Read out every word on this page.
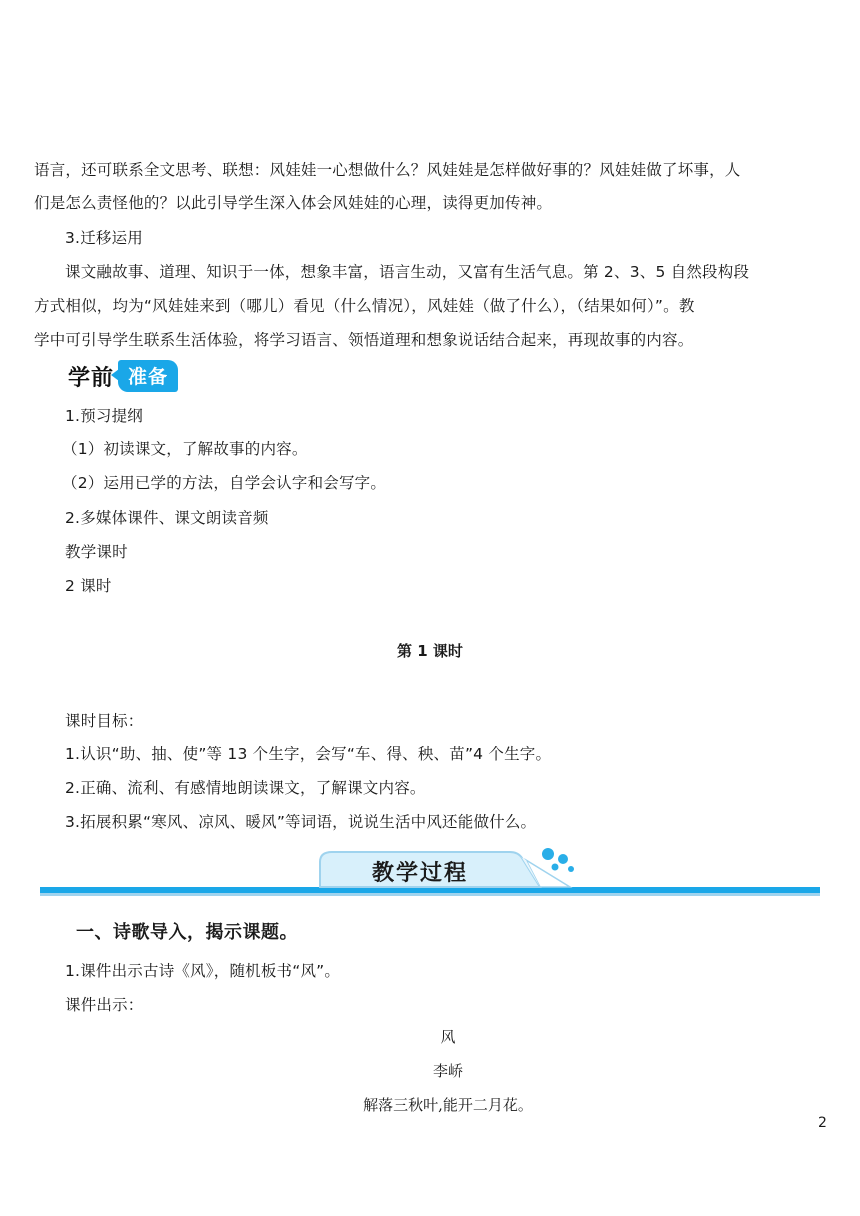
语言，还可联系全文思考、联想：风娃娃一心想做什么？风娃娃是怎样做好事的？风娃娃做了坏事，人
们是怎么责怪他的？以此引导学生深入体会风娃娃的心理，读得更加传神。
3.迁移运用
课文融故事、道理、知识于一体，想象丰富，语言生动，又富有生活气息。第 2、3、5 自然段构段
方式相似，均为“风娃娃来到（哪儿）看见（什么情况），风娃娃（做了什么），（结果如何）”。教
学中可引导学生联系生活体验，将学习语言、领悟道理和想象说话结合起来，再现故事的内容。
学前 准备
1.预习提纲
（1）初读课文，了解故事的内容。
（2）运用已学的方法，自学会认字和会写字。
2.多媒体课件、课文朗读音频
教学课时
2 课时
第 1 课时
课时目标：
1.认识“助、抽、使”等 13 个生字，会写“车、得、秧、苗”4 个生字。
2.正确、流利、有感情地朗读课文，了解课文内容。
3.拓展积累“寒风、凉风、暖风”等词语，说说生活中风还能做什么。
教学过程
一、诗歌导入，揭示课题。
1.课件出示古诗《风》，随机板书“风”。
课件出示：
风
李峤
解落三秋叶,能开二月花。
2
